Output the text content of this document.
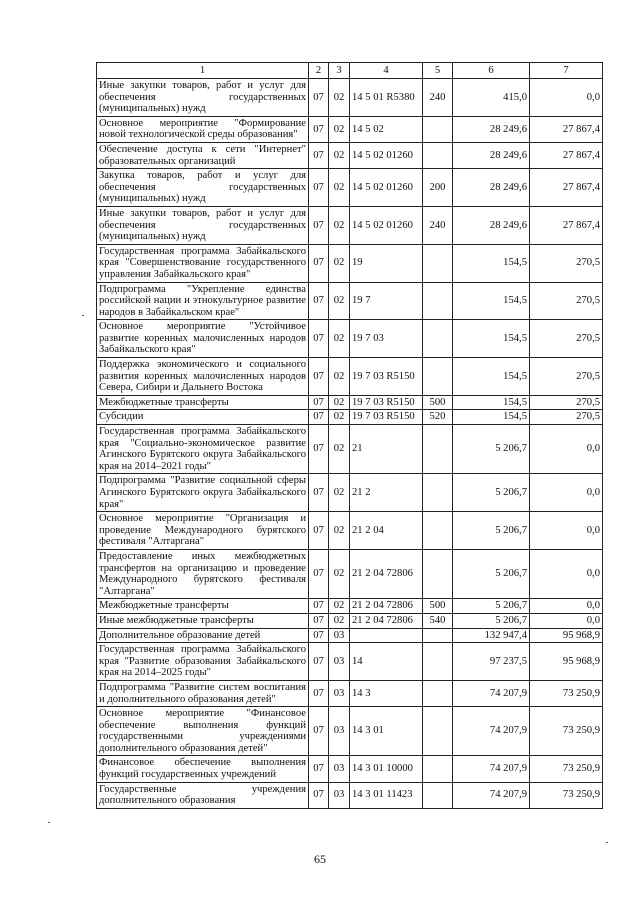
1	2	3	4	5	6	7
Иные закупки товаров, работ и услуг для обеспечения государственных (муниципальных) нужд	07	02	14 5 01 R5380	240	415,0	0,0
Основное мероприятие "Формирование новой технологической среды образования"	07	02	14 5 02		28 249,6	27 867,4
Обеспечение доступа к сети "Интернет" образовательных организаций	07	02	14 5 02 01260		28 249,6	27 867,4
Закупка товаров, работ и услуг для обеспечения государственных (муниципальных) нужд	07	02	14 5 02 01260	200	28 249,6	27 867,4
Иные закупки товаров, работ и услуг для обеспечения государственных (муниципальных) нужд	07	02	14 5 02 01260	240	28 249,6	27 867,4
Государственная программа Забайкальского края "Совершенствование государственного управления Забайкальского края"	07	02	19		154,5	270,5
Подпрограмма "Укрепление единства российской нации и этнокультурное развитие народов в Забайкальском крае"	07	02	19 7		154,5	270,5
Основное мероприятие "Устойчивое развитие коренных малочисленных народов Забайкальского края"	07	02	19 7 03		154,5	270,5
Поддержка экономического и социального развития коренных малочисленных народов Севера, Сибири и Дальнего Востока	07	02	19 7 03 R5150		154,5	270,5
Межбюджетные трансферты	07	02	19 7 03 R5150	500	154,5	270,5
Субсидии	07	02	19 7 03 R5150	520	154,5	270,5
Государственная программа Забайкальского края "Социально-экономическое развитие Агинского Бурятского округа Забайкальского края на 2014–2021 годы"	07	02	21		5 206,7	0,0
Подпрограмма "Развитие социальной сферы Агинского Бурятского округа Забайкальского края"	07	02	21 2		5 206,7	0,0
Основное мероприятие "Организация и проведение Международного бурятского фестиваля "Алтаргана"	07	02	21 2 04		5 206,7	0,0
Предоставление иных межбюджетных трансфертов на организацию и проведение Международного бурятского фестиваля "Алтаргана"	07	02	21 2 04 72806		5 206,7	0,0
Межбюджетные трансферты	07	02	21 2 04 72806	500	5 206,7	0,0
Иные межбюджетные трансферты	07	02	21 2 04 72806	540	5 206,7	0,0
Дополнительное образование детей	07	03			132 947,4	95 968,9
Государственная программа Забайкальского края "Развитие образования Забайкальского края на 2014–2025 годы"	07	03	14		97 237,5	95 968,9
Подпрограмма "Развитие систем воспитания и дополнительного образования детей"	07	03	14 3		74 207,9	73 250,9
Основное мероприятие "Финансовое обеспечение выполнения функций государственными учреждениями дополнительного образования детей"	07	03	14 3 01		74 207,9	73 250,9
Финансовое обеспечение выполнения функций государственных учреждений	07	03	14 3 01 10000		74 207,9	73 250,9
Государственные учреждения дополнительного образования	07	03	14 3 01 11423		74 207,9	73 250,9
65
